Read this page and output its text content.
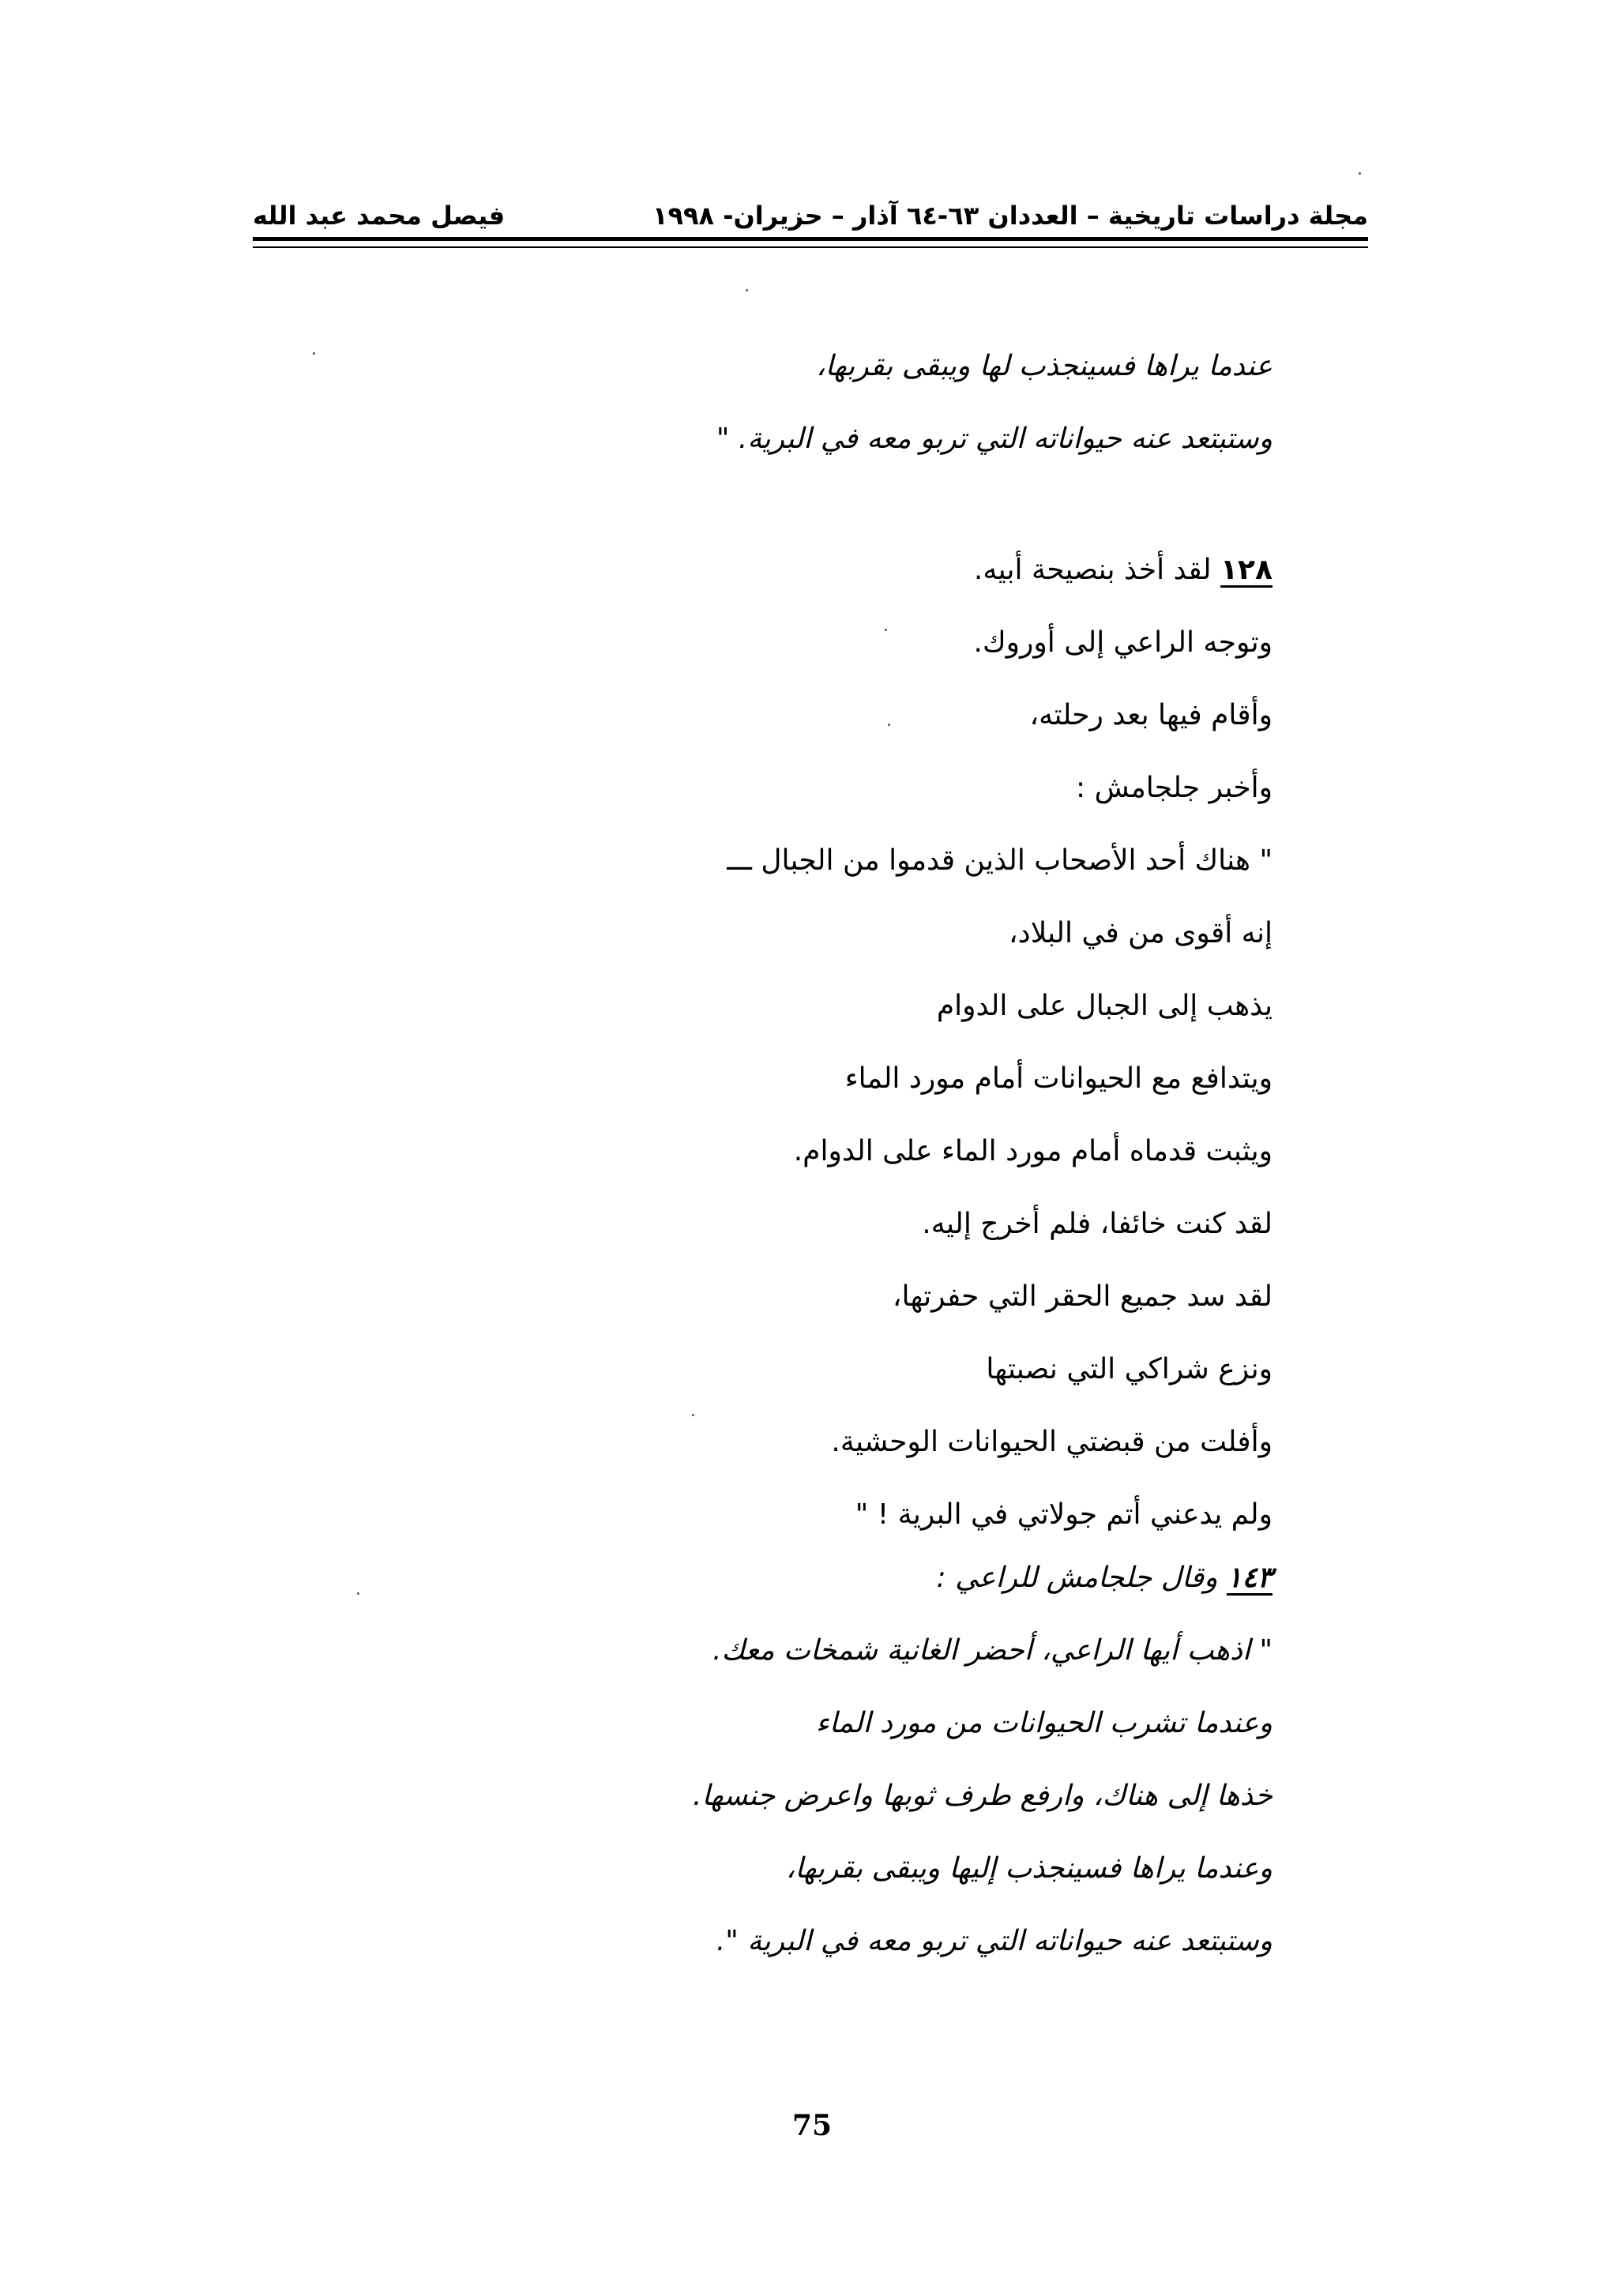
مجلة دراسات تاريخية – العددان ٦٣-٦٤ آذار – حزيران- ١٩٩٨
فيصل محمد عبد الله
عندما يراها فسينجذب لها ويبقى بقربها،
وستبتعد عنه حيواناته التي تربو معه في البرية. "
١٢٨ لقد أخذ بنصيحة أبيه.
وتوجه الراعي إلى أوروك.
وأقام فيها بعد رحلته،
وأخبر جلجامش :
" هناك أحد الأصحاب الذين قدموا من الجبال ـــ
إنه أقوى من في البلاد،
يذهب إلى الجبال على الدوام
ويتدافع مع الحيوانات أمام مورد الماء
ويثبت قدماه أمام مورد الماء على الدوام.
لقد كنت خائفا، فلم أخرج إليه.
لقد سد جميع الحقر التي حفرتها،
ونزع شراكي التي نصبتها
وأفلت من قبضتي الحيوانات الوحشية.
ولم يدعني أتم جولاتي في البرية ! "
١٤٣ وقال جلجامش للراعي :
" اذهب أيها الراعي، أحضر الغانية شمخات معك.
وعندما تشرب الحيوانات من مورد الماء
خذها إلى هناك، وارفع طرف ثوبها واعرض جنسها.
وعندما يراها فسينجذب إليها ويبقى بقربها،
وستبتعد عنه حيواناته التي تربو معه في البرية ".
75
